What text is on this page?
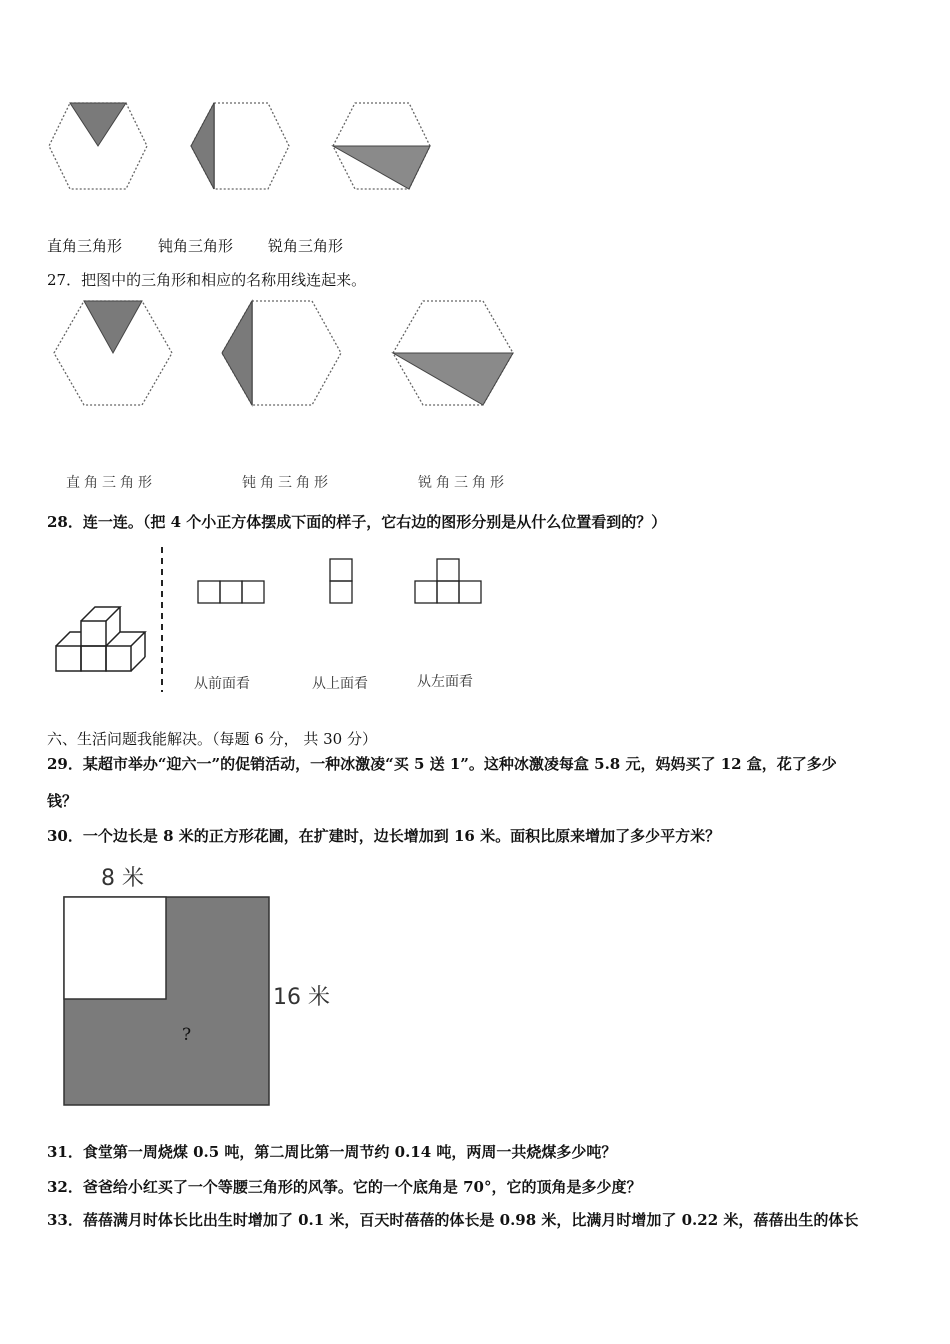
直角三角形 钝角三角形 锐角三角形
27．把图中的三角形和相应的名称用线连起来。
直角三角形	钝角三角形	锐角三角形
28．连一连。（把 4 个小正方体摆成下面的样子，它右边的图形分别是从什么位置看到的？）
从前面看	从上面看	从左面看
六、生活问题我能解决。（每题 6 分， 共 30 分）
29．某超市举办“迎六一”的促销活动，一种冰激凌“买 5 送 1”。这种冰激凌每盒 5.8 元，妈妈买了 12 盒，花了多少
钱？
30．一个边长是 8 米的正方形花圃，在扩建时，边长增加到 16 米。面积比原来增加了多少平方米？
8 米
16 米
?
31．食堂第一周烧煤 0.5 吨，第二周比第一周节约 0.14 吨，两周一共烧煤多少吨？
32．爸爸给小红买了一个等腰三角形的风筝。它的一个底角是 70°，它的顶角是多少度？
33．蓓蓓满月时体长比出生时增加了 0.1 米，百天时蓓蓓的体长是 0.98 米，比满月时增加了 0.22 米，蓓蓓出生的体长
